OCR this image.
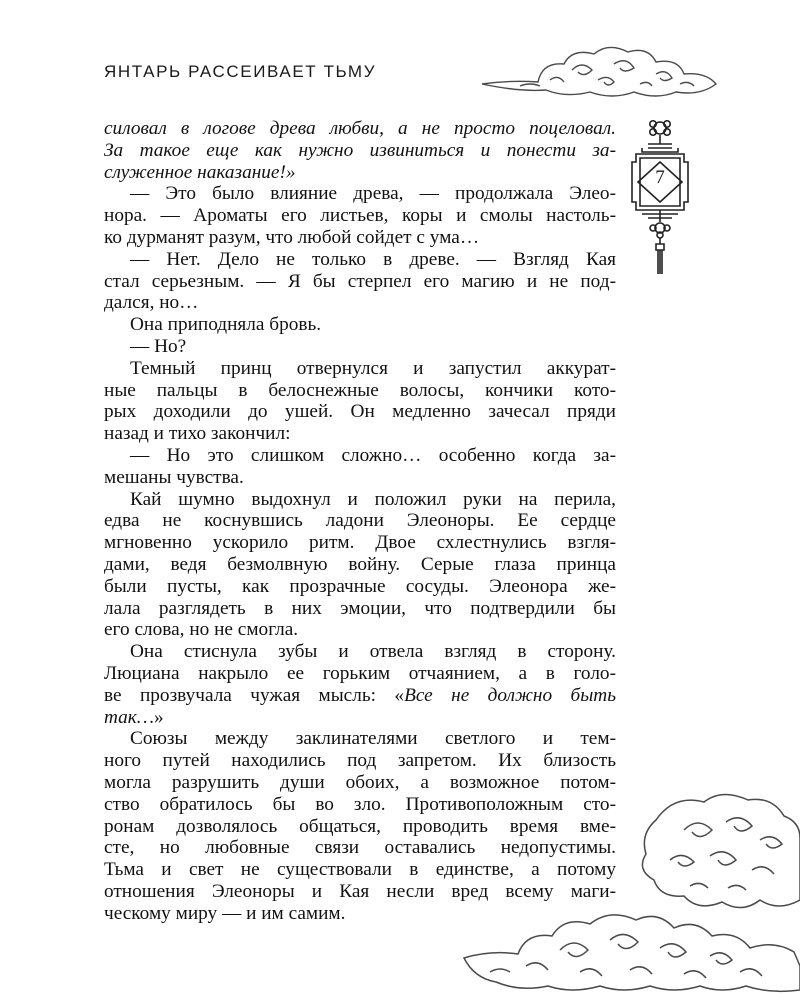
ЯНТАРЬ РАССЕИВАЕТ ТЬМУ
7
силовал в логове древа любви, а не просто поцеловал.
За такое еще как нужно извиниться и понести за-
служенное наказание!»
— Это было влияние древа, — продолжала Элео-
нора. — Ароматы его листьев, коры и смолы настоль-
ко дурманят разум, что любой сойдет с ума…
— Нет. Дело не только в древе. — Взгляд Кая
стал серьезным. — Я бы стерпел его магию и не под-
дался, но…
Она приподняла бровь.
— Но?
Темный принц отвернулся и запустил аккурат-
ные пальцы в белоснежные волосы, кончики кото-
рых доходили до ушей. Он медленно зачесал пряди
назад и тихо закончил:
— Но это слишком сложно… особенно когда за-
мешаны чувства.
Кай шумно выдохнул и положил руки на перила,
едва не коснувшись ладони Элеоноры. Ее сердце
мгновенно ускорило ритм. Двое схлестнулись взгля-
дами, ведя безмолвную войну. Серые глаза принца
были пусты, как прозрачные сосуды. Элеонора же-
лала разглядеть в них эмоции, что подтвердили бы
его слова, но не смогла.
Она стиснула зубы и отвела взгляд в сторону.
Люциана накрыло ее горьким отчаянием, а в голо-
ве прозвучала чужая мысль: «Все не должно быть
так…»
Союзы между заклинателями светлого и тем-
ного путей находились под запретом. Их близость
могла разрушить души обоих, а возможное потом-
ство обратилось бы во зло. Противоположным сто-
ронам дозволялось общаться, проводить время вме-
сте, но любовные связи оставались недопустимы.
Тьма и свет не существовали в единстве, а потому
отношения Элеоноры и Кая несли вред всему маги-
ческому миру — и им самим.
